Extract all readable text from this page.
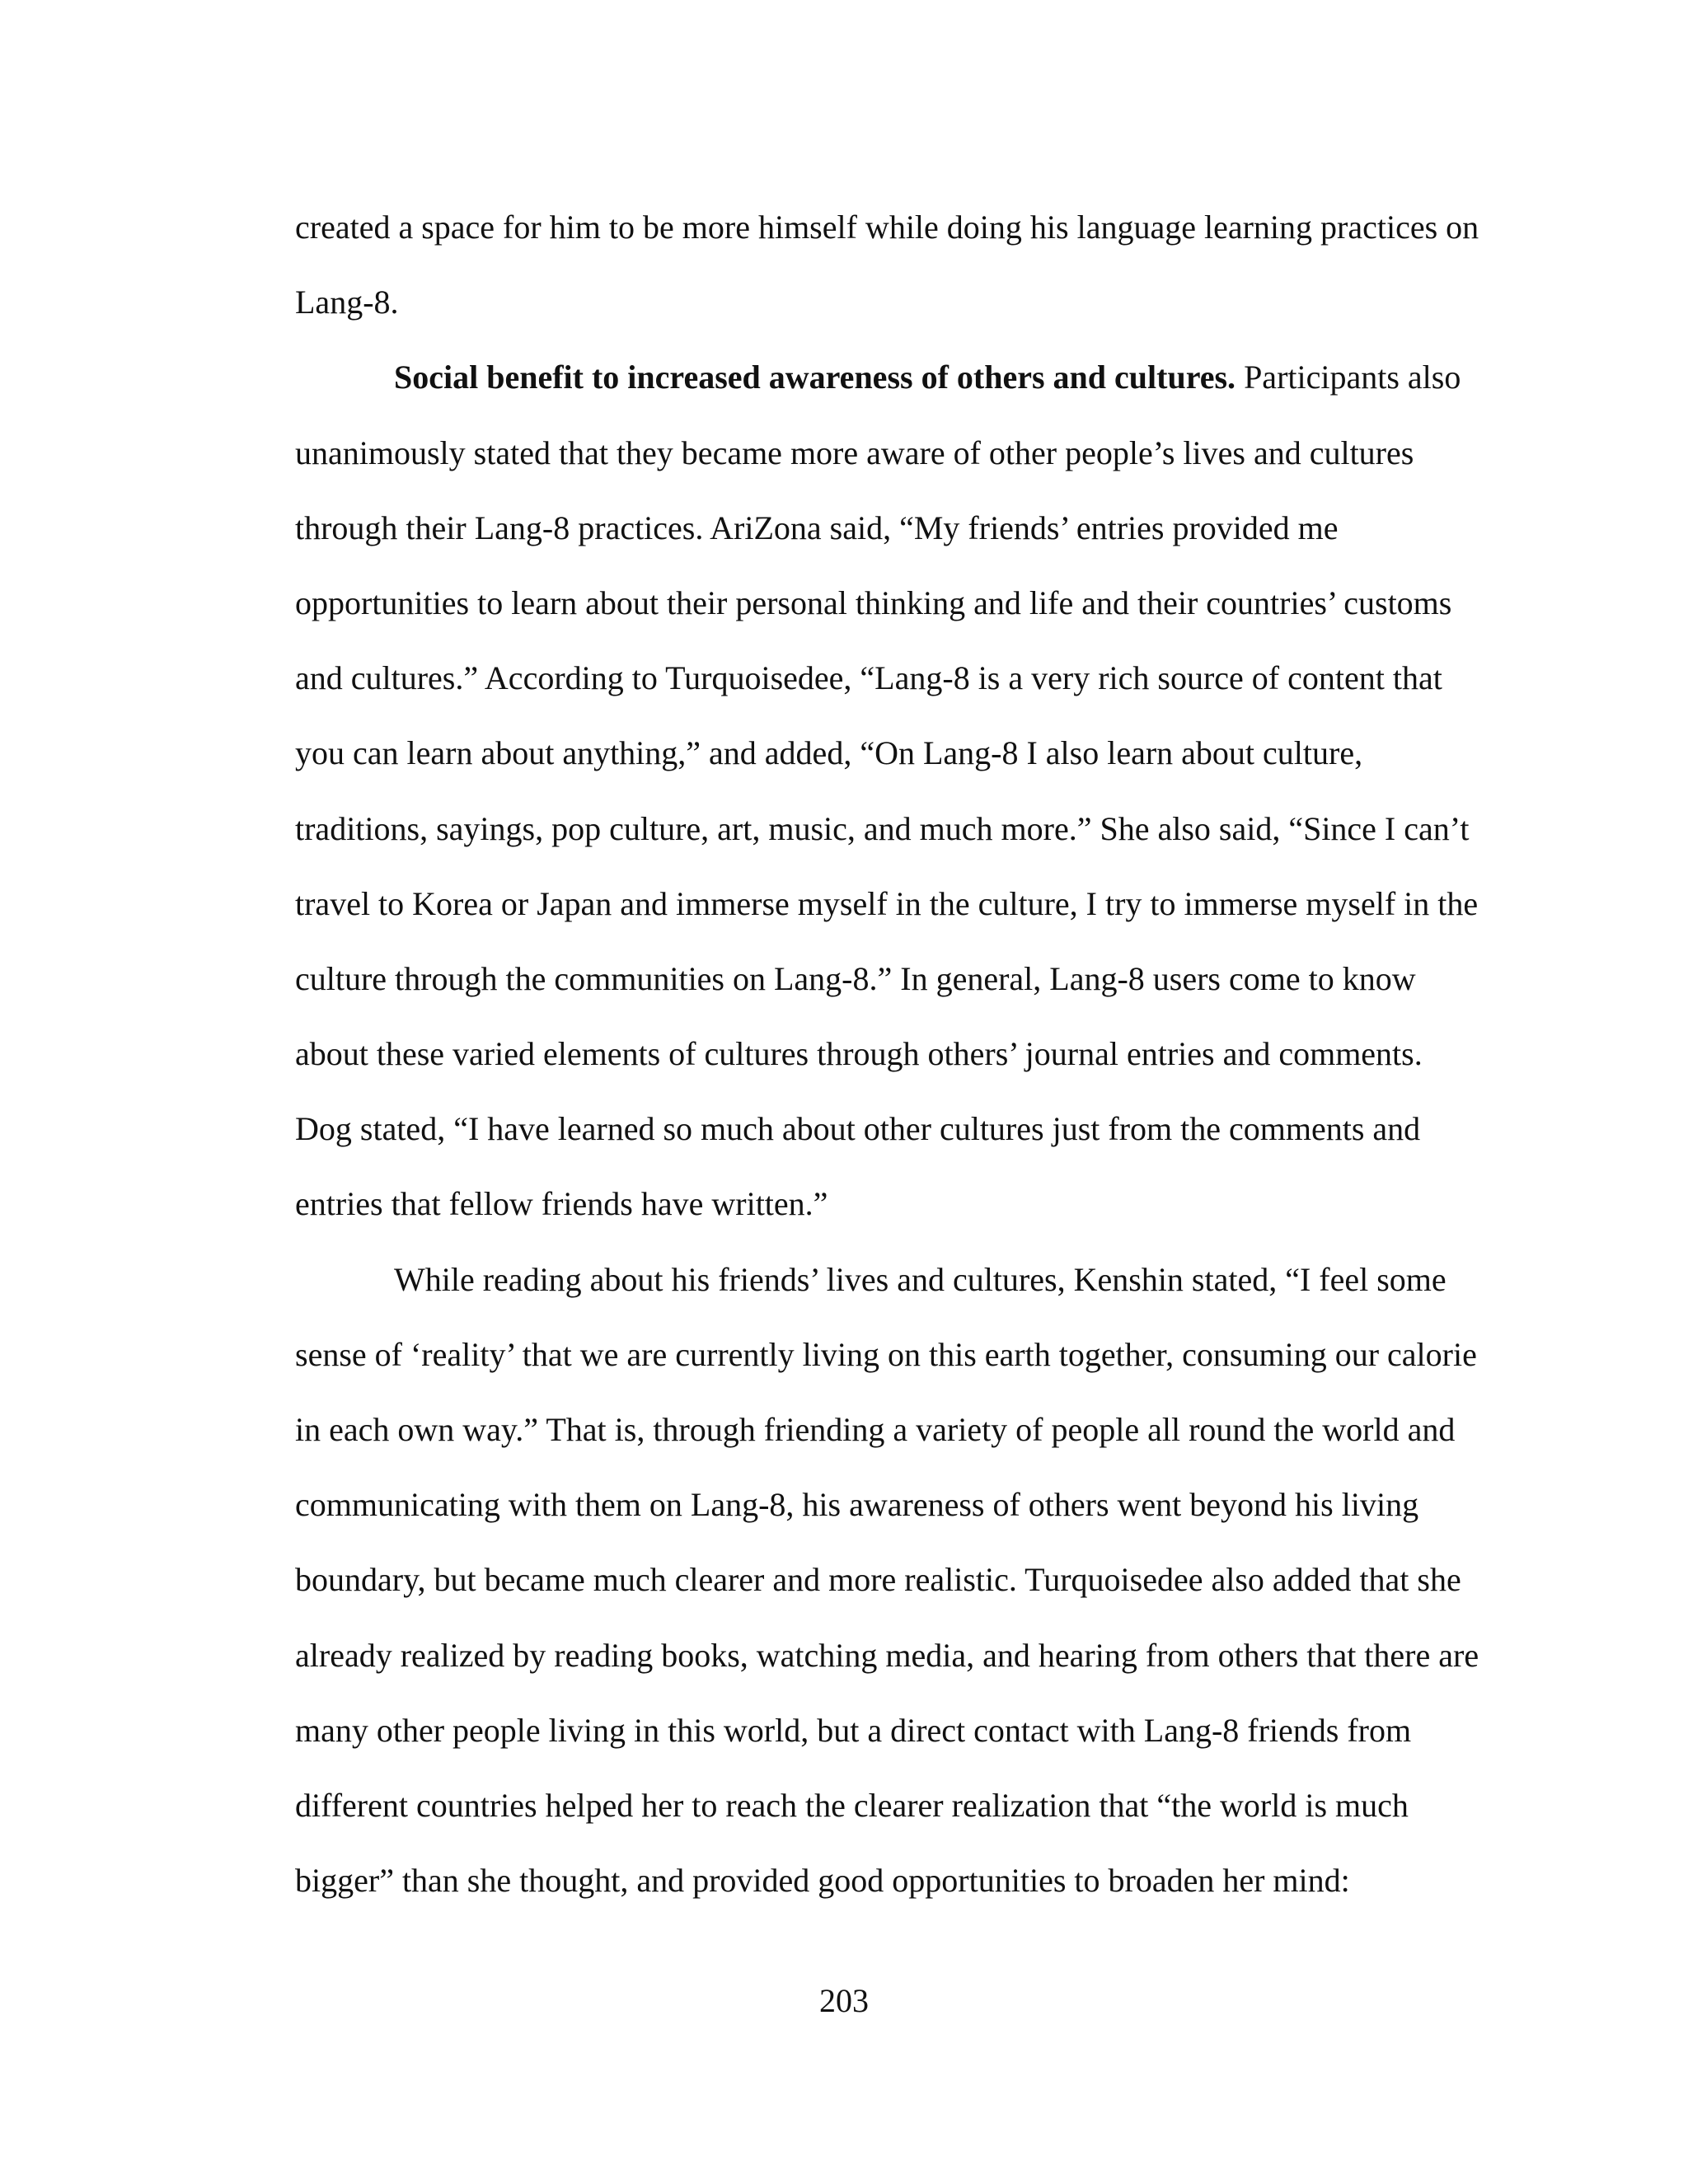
created a space for him to be more himself while doing his language learning practices on
Lang-8.
Social benefit to increased awareness of others and cultures. Participants also
unanimously stated that they became more aware of other people’s lives and cultures
through their Lang-8 practices. AriZona said, “My friends’ entries provided me
opportunities to learn about their personal thinking and life and their countries’ customs
and cultures.” According to Turquoisedee, “Lang-8 is a very rich source of content that
you can learn about anything,” and added, “On Lang-8 I also learn about culture,
traditions, sayings, pop culture, art, music, and much more.” She also said, “Since I can’t
travel to Korea or Japan and immerse myself in the culture, I try to immerse myself in the
culture through the communities on Lang-8.” In general, Lang-8 users come to know
about these varied elements of cultures through others’ journal entries and comments.
Dog stated, “I have learned so much about other cultures just from the comments and
entries that fellow friends have written.”
While reading about his friends’ lives and cultures, Kenshin stated, “I feel some
sense of ‘reality’ that we are currently living on this earth together, consuming our calorie
in each own way.” That is, through friending a variety of people all round the world and
communicating with them on Lang-8, his awareness of others went beyond his living
boundary, but became much clearer and more realistic. Turquoisedee also added that she
already realized by reading books, watching media, and hearing from others that there are
many other people living in this world, but a direct contact with Lang-8 friends from
different countries helped her to reach the clearer realization that “the world is much
bigger” than she thought, and provided good opportunities to broaden her mind:
203
